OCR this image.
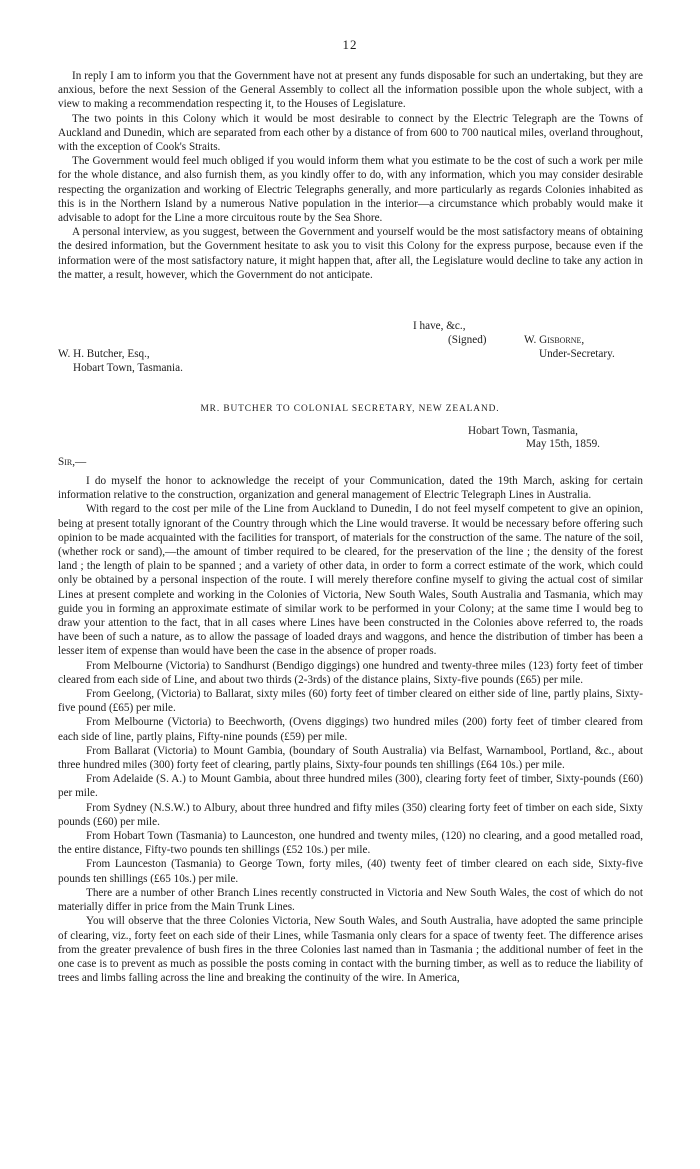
12

In reply I am to inform you that the Government have not at present any funds disposable for such an undertaking, but they are anxious, before the next Session of the General Assembly to collect all the information possible upon the whole subject, with a view to making a recommendation respecting it, to the Houses of Legislature.

The two points in this Colony which it would be most desirable to connect by the Electric Telegraph are the Towns of Auckland and Dunedin, which are separated from each other by a distance of from 600 to 700 nautical miles, overland throughout, with the exception of Cook's Straits.

The Government would feel much obliged if you would inform them what you estimate to be the cost of such a work per mile for the whole distance, and also furnish them, as you kindly offer to do, with any information, which you may consider desirable respecting the organization and working of Electric Telegraphs generally, and more particularly as regards Colonies inhabited as this is in the Northern Island by a numerous Native population in the interior—a circumstance which probably would make it advisable to adopt for the Line a more circuitous route by the Sea Shore.

A personal interview, as you suggest, between the Government and yourself would be the most satisfactory means of obtaining the desired information, but the Government hesitate to ask you to visit this Colony for the express purpose, because even if the information were of the most satisfactory nature, it might happen that, after all, the Legislature would decline to take any action in the matter, a result, however, which the Government do not anticipate.

I have, &c.,
(Signed)	W. Gisborne,
Under-Secretary.
W. H. Butcher, Esq.,
Hobart Town, Tasmania.
MR. BUTCHER TO COLONIAL SECRETARY, NEW ZEALAND.
Hobart Town, Tasmania,
May 15th, 1859.
Sir,—

I do myself the honor to acknowledge the receipt of your Communication, dated the 19th March, asking for certain information relative to the construction, organization and general management of Electric Telegraph Lines in Australia.

With regard to the cost per mile of the Line from Auckland to Dunedin, I do not feel myself competent to give an opinion, being at present totally ignorant of the Country through which the Line would traverse. It would be necessary before offering such opinion to be made acquainted with the facilities for transport, of materials for the construction of the same. The nature of the soil, (whether rock or sand),—the amount of timber required to be cleared, for the preservation of the line ; the density of the forest land ; the length of plain to be spanned ; and a variety of other data, in order to form a correct estimate of the work, which could only be obtained by a personal inspection of the route. I will merely therefore confine myself to giving the actual cost of similar Lines at present complete and working in the Colonies of Victoria, New South Wales, South Australia and Tasmania, which may guide you in forming an approximate estimate of similar work to be performed in your Colony; at the same time I would beg to draw your attention to the fact, that in all cases where Lines have been constructed in the Colonies above referred to, the roads have been of such a nature, as to allow the passage of loaded drays and waggons, and hence the distribution of timber has been a lesser item of expense than would have been the case in the absence of proper roads.

From Melbourne (Victoria) to Sandhurst (Bendigo diggings) one hundred and twenty-three miles (123) forty feet of timber cleared from each side of Line, and about two thirds (2-3rds) of the distance plains, Sixty-five pounds (£65) per mile.

From Geelong, (Victoria) to Ballarat, sixty miles (60) forty feet of timber cleared on either side of line, partly plains, Sixty-five pound (£65) per mile.

From Melbourne (Victoria) to Beechworth, (Ovens diggings) two hundred miles (200) forty feet of timber cleared from each side of line, partly plains, Fifty-nine pounds (£59) per mile.

From Ballarat (Victoria) to Mount Gambia, (boundary of South Australia) via Belfast, Warnambool, Portland, &c., about three hundred miles (300) forty feet of clearing, partly plains, Sixty-four pounds ten shillings (£64 10s.) per mile.

From Adelaide (S. A.) to Mount Gambia, about three hundred miles (300), clearing forty feet of timber, Sixty-pounds (£60) per mile.

From Sydney (N.S.W.) to Albury, about three hundred and fifty miles (350) clearing forty feet of timber on each side, Sixty pounds (£60) per mile.

From Hobart Town (Tasmania) to Launceston, one hundred and twenty miles, (120) no clearing, and a good metalled road, the entire distance, Fifty-two pounds ten shillings (£52 10s.) per mile.

From Launceston (Tasmania) to George Town, forty miles, (40) twenty feet of timber cleared on each side, Sixty-five pounds ten shillings (£65 10s.) per mile.

There are a number of other Branch Lines recently constructed in Victoria and New South Wales, the cost of which do not materially differ in price from the Main Trunk Lines.

You will observe that the three Colonies Victoria, New South Wales, and South Australia, have adopted the same principle of clearing, viz., forty feet on each side of their Lines, while Tasmania only clears for a space of twenty feet. The difference arises from the greater prevalence of bush fires in the three Colonies last named than in Tasmania ; the additional number of feet in the one case is to prevent as much as possible the posts coming in contact with the burning timber, as well as to reduce the liability of trees and limbs falling across the line and breaking the continuity of the wire. In America,
